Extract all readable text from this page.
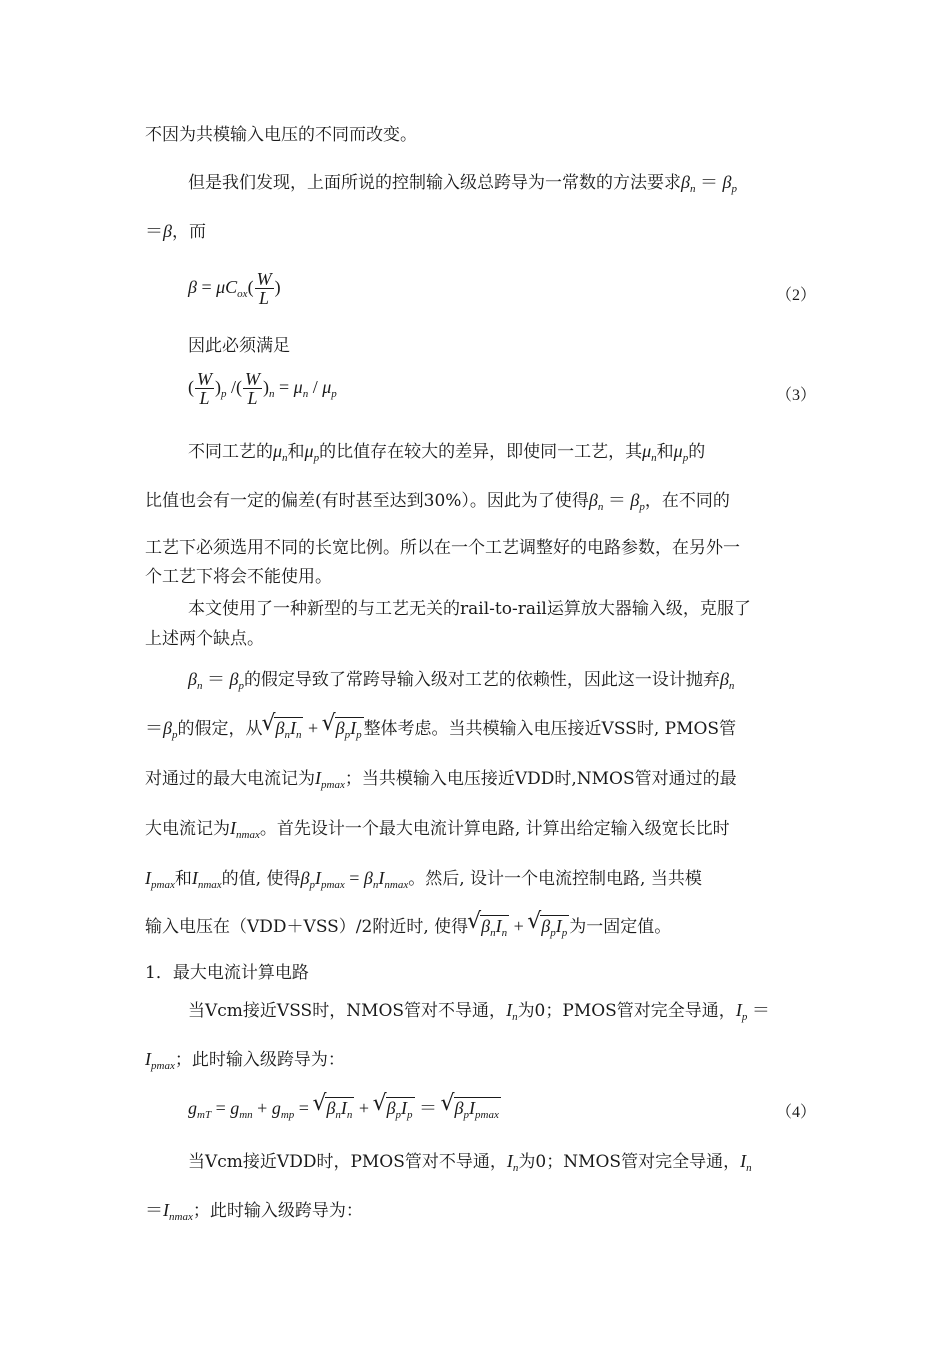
不因为共模输入电压的不同而改变。
但是我们发现，上面所说的控制输入级总跨导为一常数的方法要求$\beta_n = \beta_p$
＝β，而
$\beta = \mu C_{ox}( \frac{W}{L}$ )	（2）
因此必须满足
( $\frac{W}{L} )_p$ /( $\frac{W}{L} )_n = \mu_n / \mu_p$	（3）
不同工艺的$\mu_n$和$\mu_p$的比值存在较大的差异，即使同一工艺，其$\mu_n$和$\mu_p$的
比值也会有一定的偏差(有时甚至达到30%）。因此为了使得$\beta_n = \beta_p$，在不同的
工艺下必须选用不同的长宽比例。所以在一个工艺调整好的电路参数，在另外一
个工艺下将会不能使用。
本文使用了一种新型的与工艺无关的rail-to-rail运算放大器输入级，克服了
上述两个缺点。
$\beta_n = \beta_p$的假定导致了常跨导输入级对工艺的依赖性，因此这一设计抛弃$\beta_n$
$=\beta_p$的假定，从 √ $\beta_nI_n$ + √ $\beta_pI_p$ 整体考虑。当共模输入电压接近VSS时, PMOS管
对通过的最大电流记为$I_{pmax}$；当共模输入电压接近VDD时,NMOS管对通过的最
大电流记为$I_{nmax}$。首先设计一个最大电流计算电路, 计算出给定输入级宽长比时
$I_{pmax}$和$I_{nmax}$的值, 使得$\beta_pI_{pmax} = \beta_nI_{nmax}$。然后, 设计一个电流控制电路, 当共模
输入电压在（VDD＋VSS）/2附近时, 使得 √ $\beta_nI_n$ + √ $\beta_pI_p$ 为一固定值。
1．最大电流计算电路
当Vcm接近VSS时，NMOS管对不导通，$I_n$为0；PMOS管对完全导通，$I_p$ ＝
$I_{pmax}$；此时输入级跨导为：
$g_{mT} = g_{mn} + g_{mp}$ = √ $\beta_nI_n$ + √ $\beta_pI_p$ ＝ √ $\beta_pI_{pmax}$	（4）
当Vcm接近VDD时，PMOS管对不导通，$I_n$为0；NMOS管对完全导通，$I_n$
$=I_{nmax}$；此时输入级跨导为：
